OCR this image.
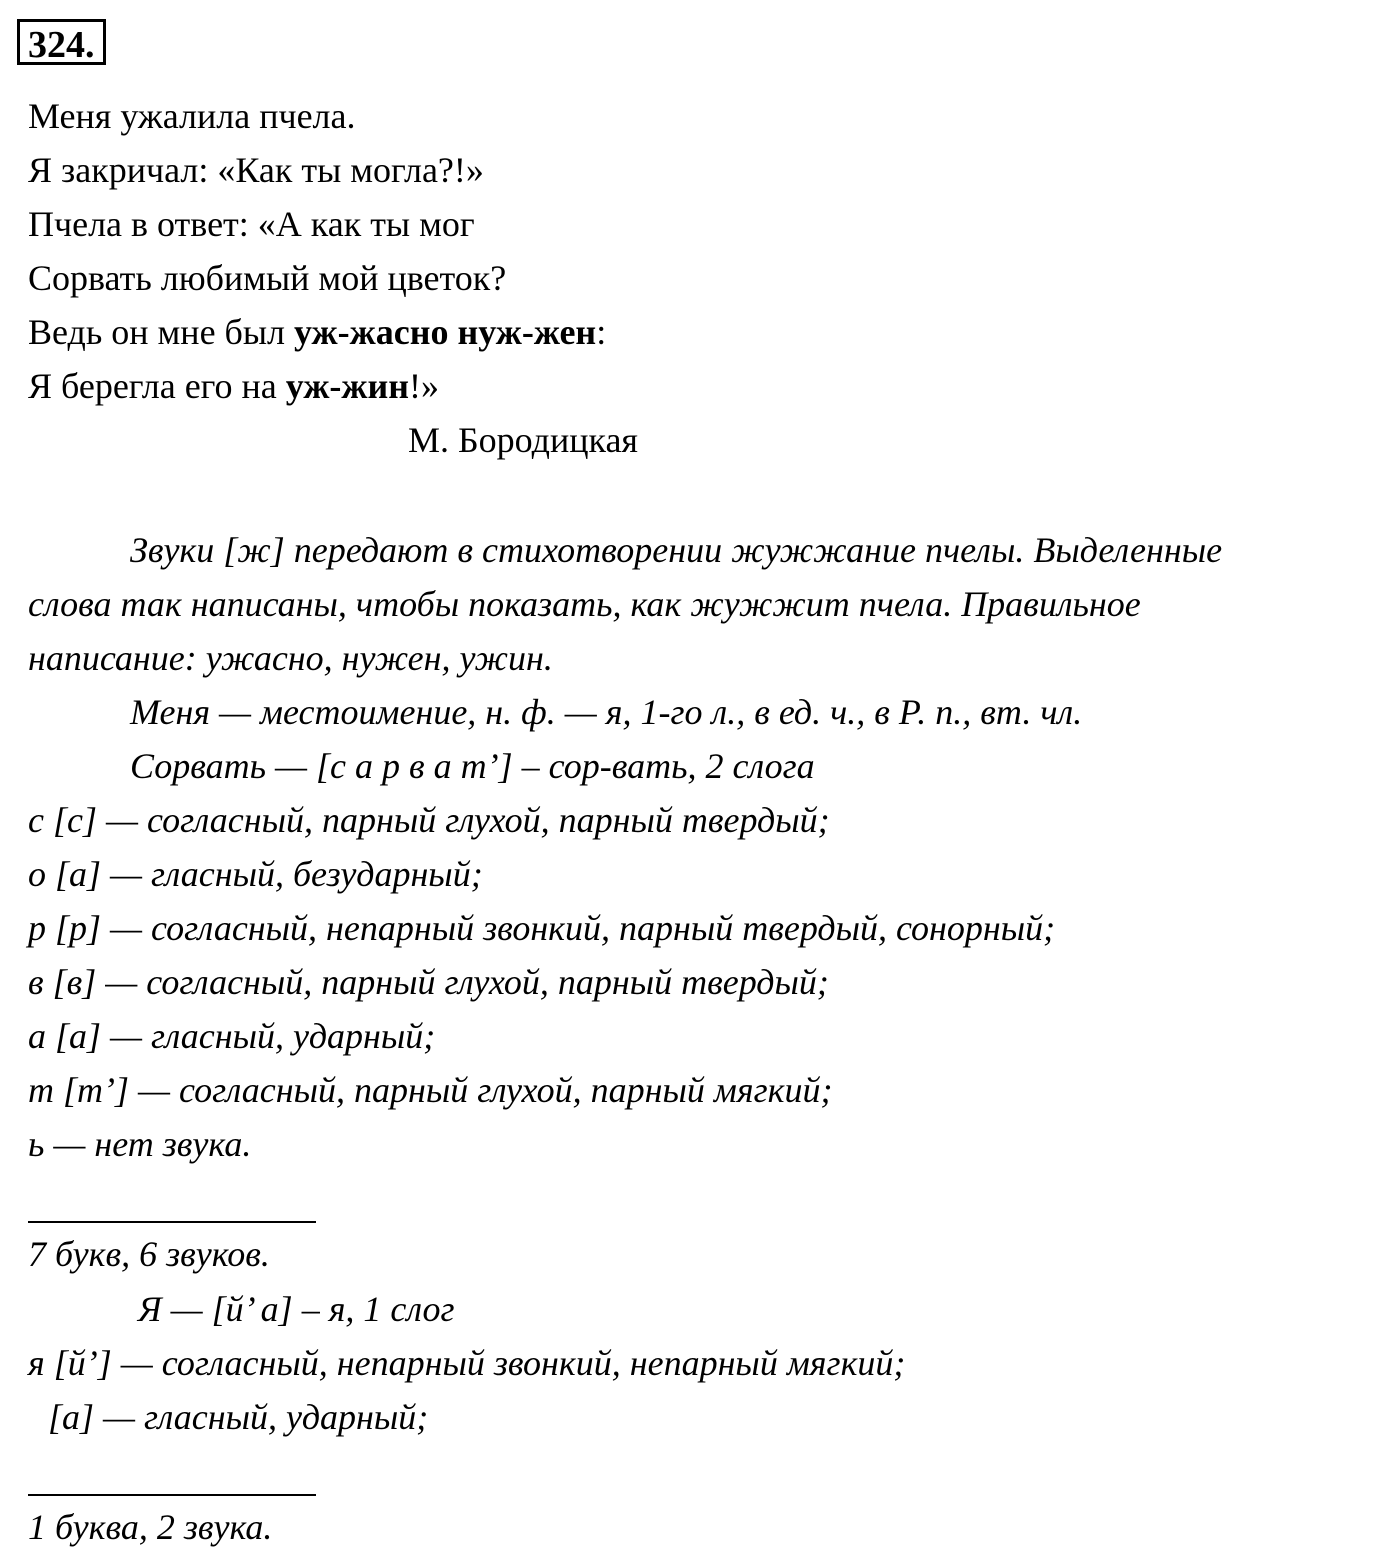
324.
Меня ужалила пчела.
Я закричал: «Как ты могла?!»
Пчела в ответ: «А как ты мог
Сорвать любимый мой цветок?
Ведь он мне был уж-жасно нуж-жен:
Я берегла его на уж-жин!»
М. Бородицкая
Звуки [ж] передают в стихотворении жужжание пчелы. Выделенные
слова так написаны, чтобы показать, как жужжит пчела. Правильное
написание: ужасно, нужен, ужин.
Меня — местоимение, н. ф. — я, 1-го л., в ед. ч., в Р. п., вт. чл.
Сорвать — [с а р в а т’] – сор-вать, 2 слога
с [с] — согласный, парный глухой, парный твердый;
о [а] — гласный, безударный;
р [р] — согласный, непарный звонкий, парный твердый, сонорный;
в [в] — согласный, парный глухой, парный твердый;
а [а] — гласный, ударный;
т [т’] — согласный, парный глухой, парный мягкий;
ь — нет звука.
7 букв, 6 звуков.
Я — [й’ а] – я, 1 слог
я [й’] — согласный, непарный звонкий, непарный мягкий;
[а] — гласный, ударный;
1 буква, 2 звука.
